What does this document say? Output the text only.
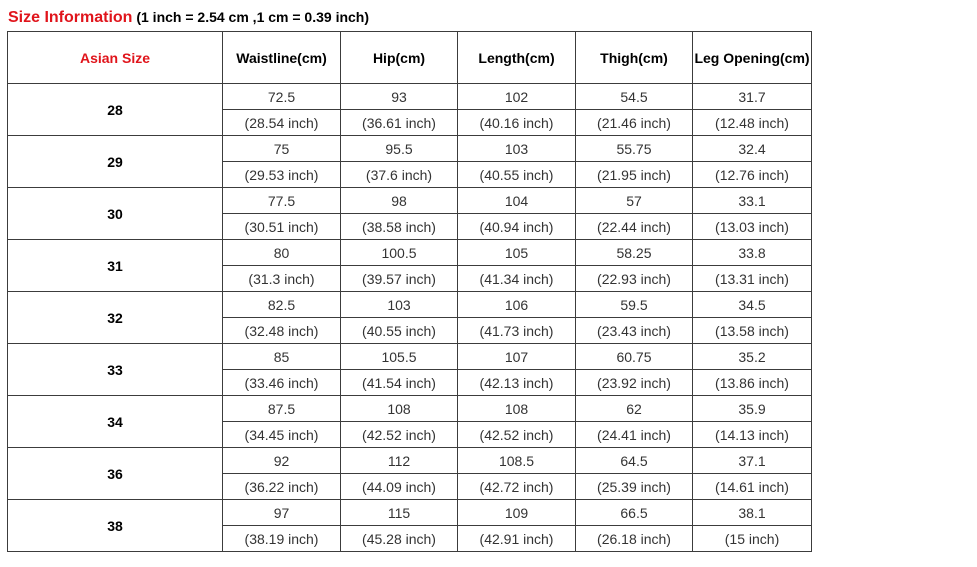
Size Information (1 inch = 2.54 cm ,1 cm = 0.39 inch)
Asian Size	Waistline(cm)	Hip(cm)	Length(cm)	Thigh(cm)	Leg Opening(cm)
28	72.5	93	102	54.5	31.7
	(28.54 inch)	(36.61 inch)	(40.16 inch)	(21.46 inch)	(12.48 inch)
29	75	95.5	103	55.75	32.4
	(29.53 inch)	(37.6 inch)	(40.55 inch)	(21.95 inch)	(12.76 inch)
30	77.5	98	104	57	33.1
	(30.51 inch)	(38.58 inch)	(40.94 inch)	(22.44 inch)	(13.03 inch)
31	80	100.5	105	58.25	33.8
	(31.3 inch)	(39.57 inch)	(41.34 inch)	(22.93 inch)	(13.31 inch)
32	82.5	103	106	59.5	34.5
	(32.48 inch)	(40.55 inch)	(41.73 inch)	(23.43 inch)	(13.58 inch)
33	85	105.5	107	60.75	35.2
	(33.46 inch)	(41.54 inch)	(42.13 inch)	(23.92 inch)	(13.86 inch)
34	87.5	108	108	62	35.9
	(34.45 inch)	(42.52 inch)	(42.52 inch)	(24.41 inch)	(14.13 inch)
36	92	112	108.5	64.5	37.1
	(36.22 inch)	(44.09 inch)	(42.72 inch)	(25.39 inch)	(14.61 inch)
38	97	115	109	66.5	38.1
	(38.19 inch)	(45.28 inch)	(42.91 inch)	(26.18 inch)	(15 inch)
